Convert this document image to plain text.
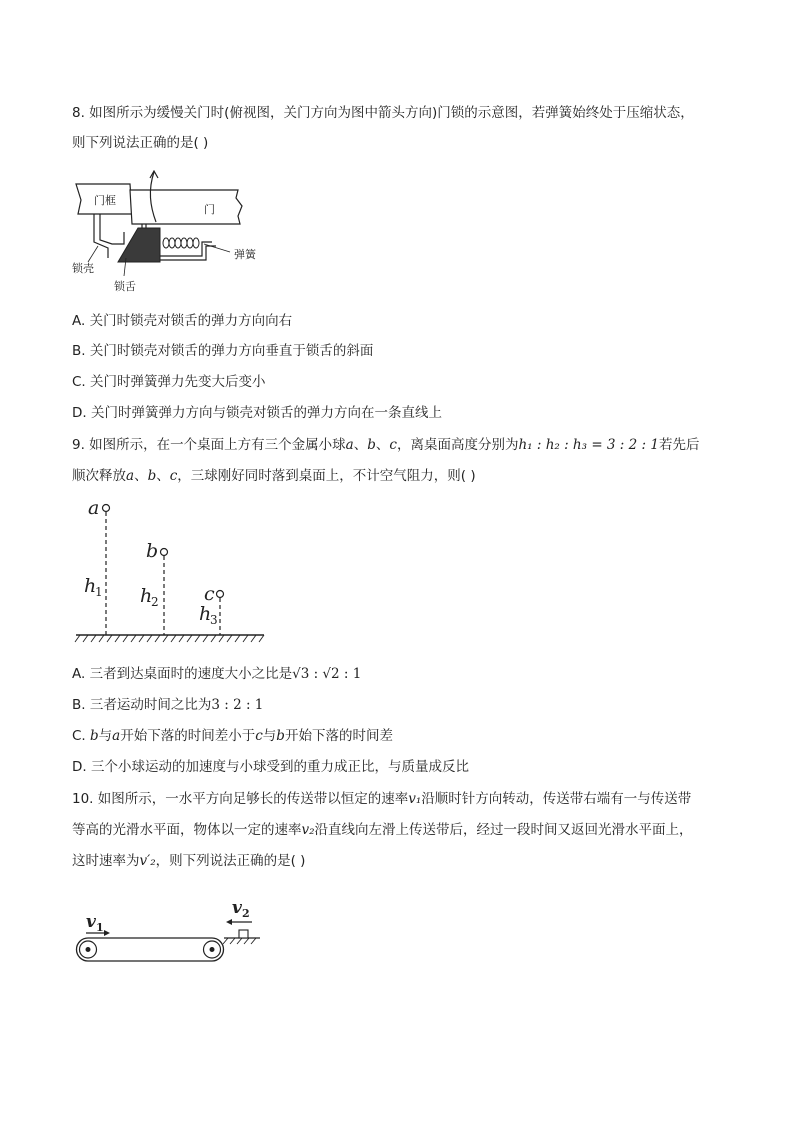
8. 如图所示为缓慢关门时(俯视图，关门方向为图中箭头方向)门锁的示意图，若弹簧始终处于压缩状态，
则下列说法正确的是( )
门框
门
弹簧
锁壳
锁舌
A. 关门时锁壳对锁舌的弹力方向向右
B. 关门时锁壳对锁舌的弹力方向垂直于锁舌的斜面
C. 关门时弹簧弹力先变大后变小
D. 关门时弹簧弹力方向与锁壳对锁舌的弹力方向在一条直线上
9. 如图所示，在一个桌面上方有三个金属小球a、b、c，离桌面高度分别为h₁ : h₂ : h₃ = 3 : 2 : 1若先后
顺次释放a、b、c，三球刚好同时落到桌面上，不计空气阻力，则( )
a
h
1
b
h
2 c
h
3
A. 三者到达桌面时的速度大小之比是√3 : √2 : 1
B. 三者运动时间之比为3 : 2 : 1
C. b与a开始下落的时间差小于c与b开始下落的时间差
D. 三个小球运动的加速度与小球受到的重力成正比，与质量成反比
10. 如图所示，一水平方向足够长的传送带以恒定的速率v₁沿顺时针方向转动，传送带右端有一与传送带
等高的光滑水平面，物体以一定的速率v₂沿直线向左滑上传送带后，经过一段时间又返回光滑水平面上，
这时速率为v′₂，则下列说法正确的是( )
v 1
v 2
